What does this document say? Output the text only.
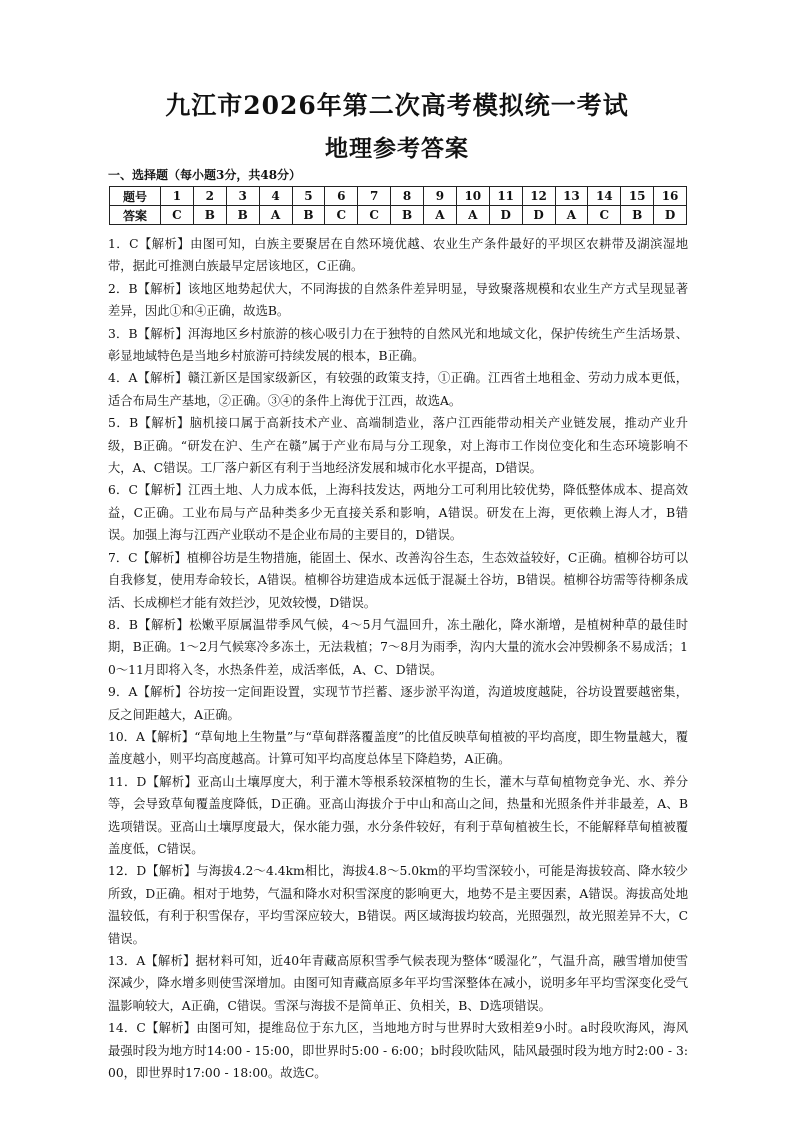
九江市2026年第二次高考模拟统一考试
地理参考答案
一、选择题（每小题3分，共48分）
题号	1	2	3	4	5	6	7	8	9	10	11	12	13	14	15	16
答案	C	B	B	A	B	C	C	B	A	A	D	D	A	C	B	D

1．C【解析】由图可知，白族主要聚居在自然环境优越、农业生产条件最好的平坝区农耕带及湖滨湿地带，据此可推测白族最早定居该地区，C正确。

2．B【解析】该地区地势起伏大，不同海拔的自然条件差异明显，导致聚落规模和农业生产方式呈现显著差异，因此①和④正确，故选B。

3．B【解析】洱海地区乡村旅游的核心吸引力在于独特的自然风光和地域文化，保护传统生产生活场景、彰显地域特色是当地乡村旅游可持续发展的根本，B正确。

4．A【解析】赣江新区是国家级新区，有较强的政策支持，①正确。江西省土地租金、劳动力成本更低，适合布局生产基地，②正确。③④的条件上海优于江西，故选A。

5．B【解析】脑机接口属于高新技术产业、高端制造业，落户江西能带动相关产业链发展，推动产业升级，B正确。“研发在沪、生产在赣”属于产业布局与分工现象，对上海市工作岗位变化和生态环境影响不大，A、C错误。工厂落户新区有利于当地经济发展和城市化水平提高，D错误。

6．C【解析】江西土地、人力成本低，上海科技发达，两地分工可利用比较优势，降低整体成本、提高效益，C正确。工业布局与产品种类多少无直接关系和影响，A错误。研发在上海，更依赖上海人才，B错误。加强上海与江西产业联动不是企业布局的主要目的，D错误。

7．C【解析】植柳谷坊是生物措施，能固土、保水、改善沟谷生态，生态效益较好，C正确。植柳谷坊可以自我修复，使用寿命较长，A错误。植柳谷坊建造成本远低于混凝土谷坊，B错误。植柳谷坊需等待柳条成活、长成柳栏才能有效拦沙，见效较慢，D错误。

8．B【解析】松嫩平原属温带季风气候，4～5月气温回升，冻土融化，降水渐增，是植树种草的最佳时期，B正确。1～2月气候寒冷多冻土，无法栽植；7～8月为雨季，沟内大量的流水会冲毁柳条不易成活；10～11月即将入冬，水热条件差，成活率低，A、C、D错误。

9．A【解析】谷坊按一定间距设置，实现节节拦蓄、逐步淤平沟道，沟道坡度越陡，谷坊设置要越密集，反之间距越大，A正确。

10．A【解析】“草甸地上生物量”与“草甸群落覆盖度”的比值反映草甸植被的平均高度，即生物量越大，覆盖度越小，则平均高度越高。计算可知平均高度总体呈下降趋势，A正确。

11．D【解析】亚高山土壤厚度大，利于灌木等根系较深植物的生长，灌木与草甸植物竞争光、水、养分等，会导致草甸覆盖度降低，D正确。亚高山海拔介于中山和高山之间，热量和光照条件并非最差，A、B选项错误。亚高山土壤厚度最大，保水能力强，水分条件较好，有利于草甸植被生长，不能解释草甸植被覆盖度低，C错误。

12．D【解析】与海拔4.2～4.4km相比，海拔4.8～5.0km的平均雪深较小，可能是海拔较高、降水较少所致，D正确。相对于地势，气温和降水对积雪深度的影响更大，地势不是主要因素，A错误。海拔高处地温较低，有利于积雪保存，平均雪深应较大，B错误。两区域海拔均较高，光照强烈，故光照差异不大，C错误。

13．A【解析】据材料可知，近40年青藏高原积雪季气候表现为整体“暖湿化”，气温升高，融雪增加使雪深减少，降水增多则使雪深增加。由图可知青藏高原多年平均雪深整体在减小，说明多年平均雪深变化受气温影响较大，A正确，C错误。雪深与海拔不是简单正、负相关，B、D选项错误。

14．C【解析】由图可知，提维岛位于东九区，当地地方时与世界时大致相差9小时。a时段吹海风，海风最强时段为地方时14:00 - 15:00，即世界时5:00 - 6:00；b时段吹陆风，陆风最强时段为地方时2:00 - 3:00，即世界时17:00 - 18:00。故选C。
